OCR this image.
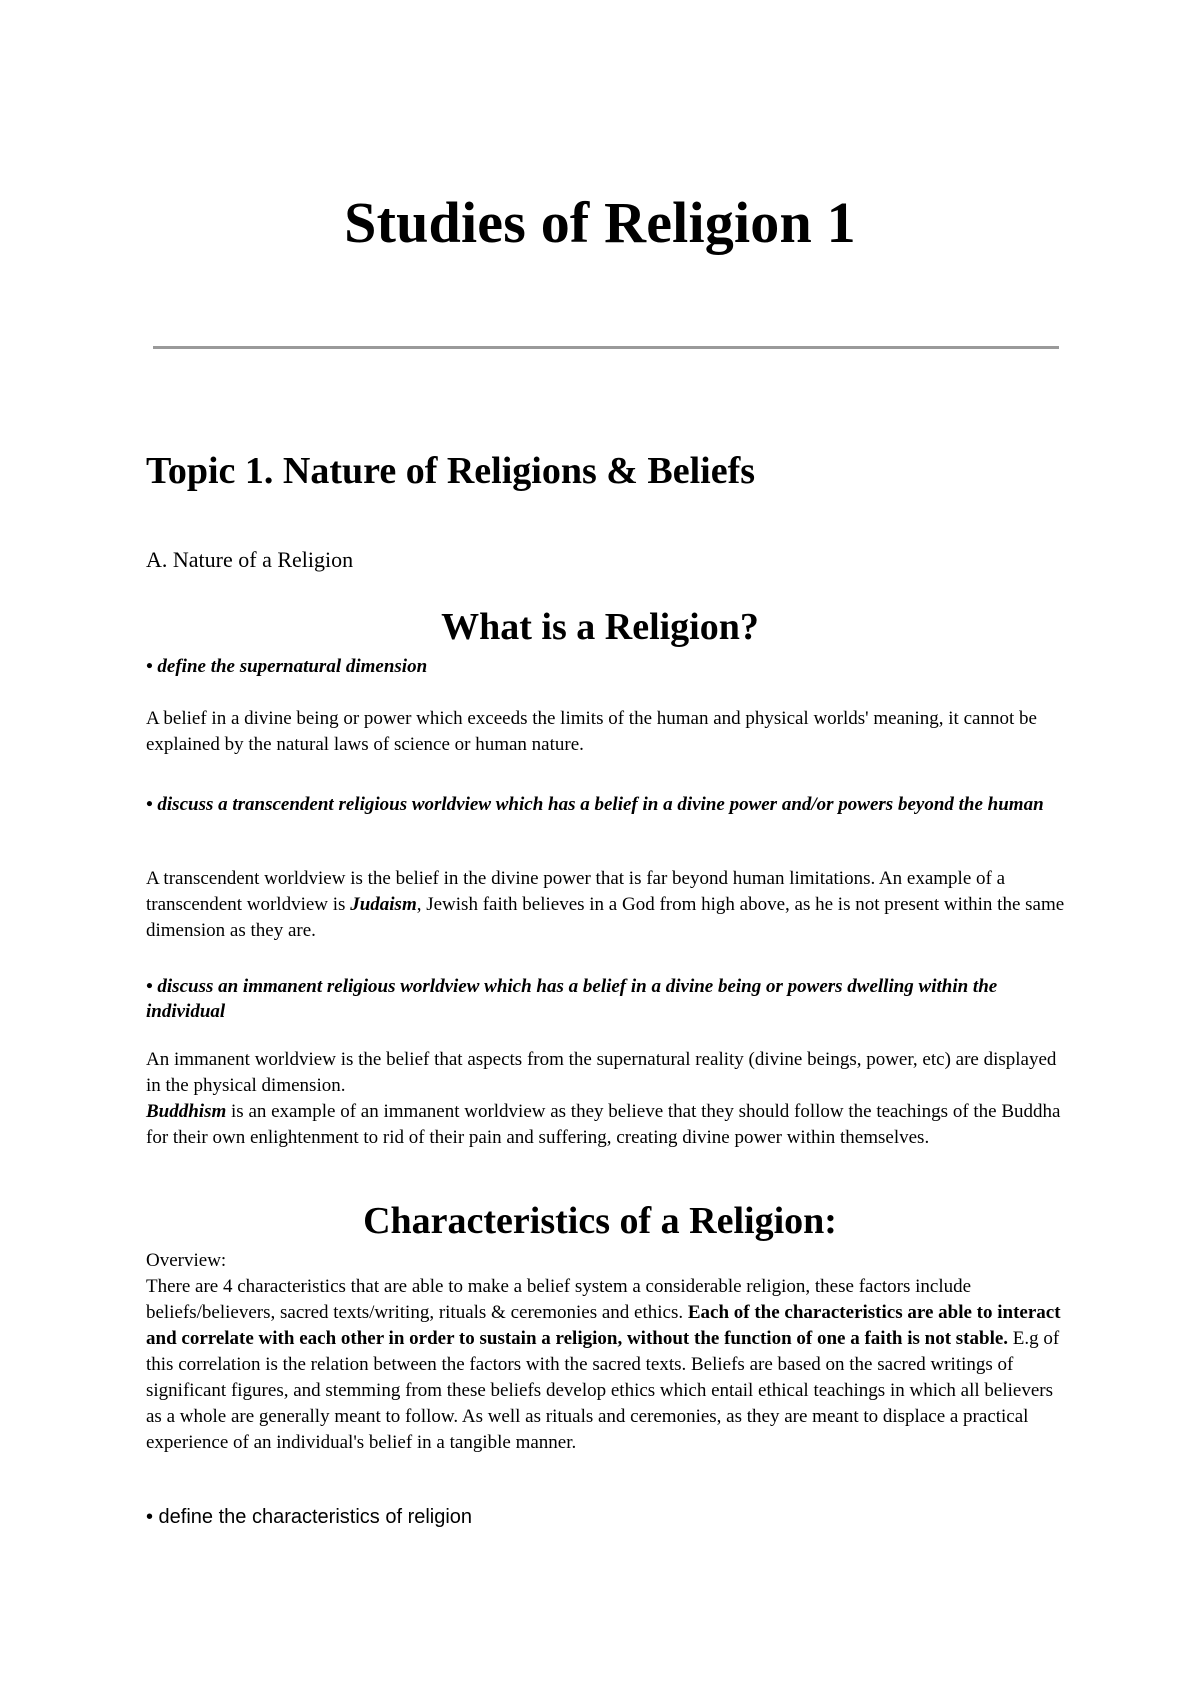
Studies of Religion 1
Topic 1. Nature of Religions & Beliefs
A. Nature of a Religion
What is a Religion?

• define the supernatural dimension

A belief in a divine being or power which exceeds the limits of the human and physical worlds' meaning, it cannot be explained by the natural laws of science or human nature.

• discuss a transcendent religious worldview which has a belief in a divine power and/or powers beyond the human

A transcendent worldview is the belief in the divine power that is far beyond human limitations. An example of a transcendent worldview is Judaism, Jewish faith believes in a God from high above, as he is not present within the same dimension as they are.

• discuss an immanent religious worldview which has a belief in a divine being or powers dwelling within the individual

An immanent worldview is the belief that aspects from the supernatural reality (divine beings, power, etc) are displayed in the physical dimension.

Buddhism is an example of an immanent worldview as they believe that they should follow the teachings of the Buddha for their own enlightenment to rid of their pain and suffering, creating divine power within themselves.

Characteristics of a Religion:

Overview:

There are 4 characteristics that are able to make a belief system a considerable religion, these factors include beliefs/believers, sacred texts/writing, rituals & ceremonies and ethics. Each of the characteristics are able to interact and correlate with each other in order to sustain a religion, without the function of one a faith is not stable. E.g of this correlation is the relation between the factors with the sacred texts. Beliefs are based on the sacred writings of significant figures, and stemming from these beliefs develop ethics which entail ethical teachings in which all believers as a whole are generally meant to follow. As well as rituals and ceremonies, as they are meant to displace a practical experience of an individual's belief in a tangible manner.

• define the characteristics of religion
